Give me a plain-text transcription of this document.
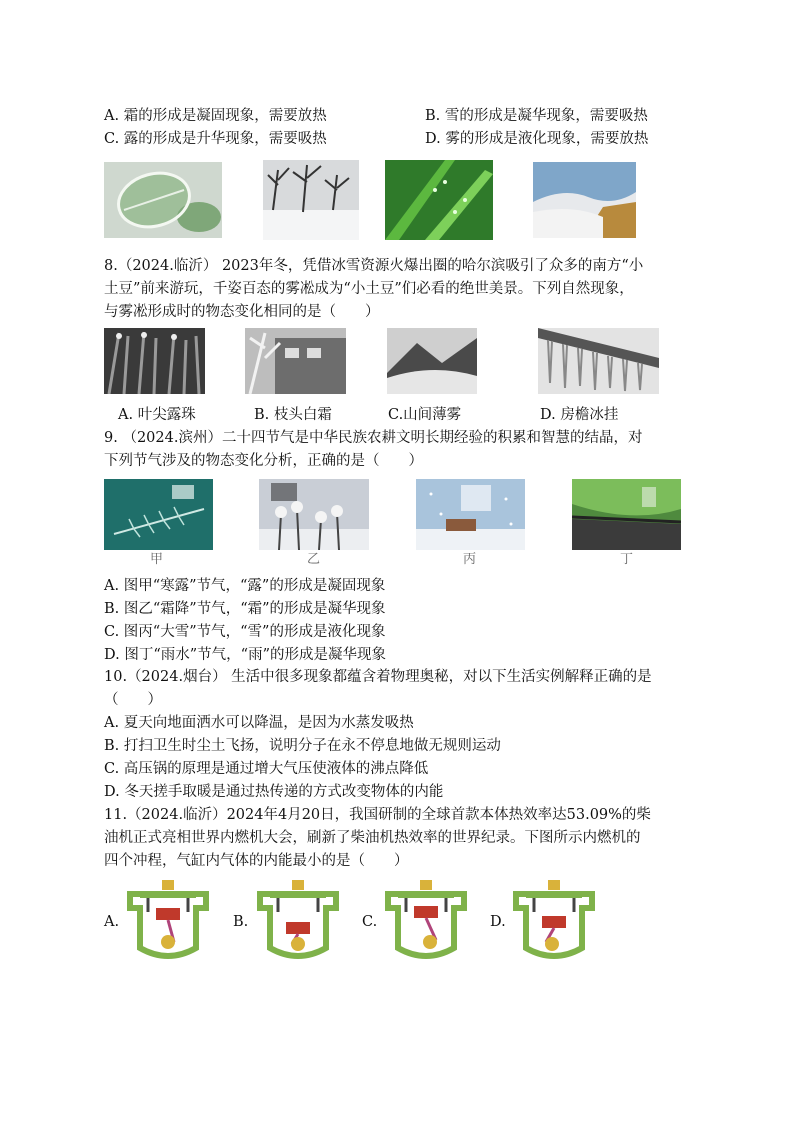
A. 霜的形成是凝固现象，需要放热	B. 雪的形成是凝华现象，需要吸热
C. 露的形成是升华现象，需要吸热	D. 雾的形成是液化现象，需要放热
8.（2024.临沂） 2023年冬，凭借冰雪资源火爆出圈的哈尔滨吸引了众多的南方“小
土豆”前来游玩，千姿百态的雾凇成为“小土豆”们必看的绝世美景。下列自然现象，
与雾凇形成时的物态变化相同的是（　　）
A. 叶尖露珠	B. 枝头白霜	C.山间薄雾	D. 房檐冰挂
9. （2024.滨州）二十四节气是中华民族农耕文明长期经验的积累和智慧的结晶，对
下列节气涉及的物态变化分析，正确的是（　　）
甲	乙	丙	丁
A. 图甲“寒露”节气，“露”的形成是凝固现象
B. 图乙“霜降”节气，“霜”的形成是凝华现象
C. 图丙“大雪”节气，“雪”的形成是液化现象
D. 图丁“雨水”节气，“雨”的形成是凝华现象
10.（2024.烟台） 生活中很多现象都蕴含着物理奥秘，对以下生活实例解释正确的是
（　　）
A. 夏天向地面洒水可以降温，是因为水蒸发吸热
B. 打扫卫生时尘土飞扬，说明分子在永不停息地做无规则运动
C. 高压锅的原理是通过增大气压使液体的沸点降低
D. 冬天搓手取暖是通过热传递的方式改变物体的内能
11.（2024.临沂）2024年4月20日，我国研制的全球首款本体热效率达53.09%的柴
油机正式亮相世界内燃机大会，刷新了柴油机热效率的世界纪录。下图所示内燃机的
四个冲程，气缸内气体的内能最小的是（　　）
A.	B.	C.	D.
